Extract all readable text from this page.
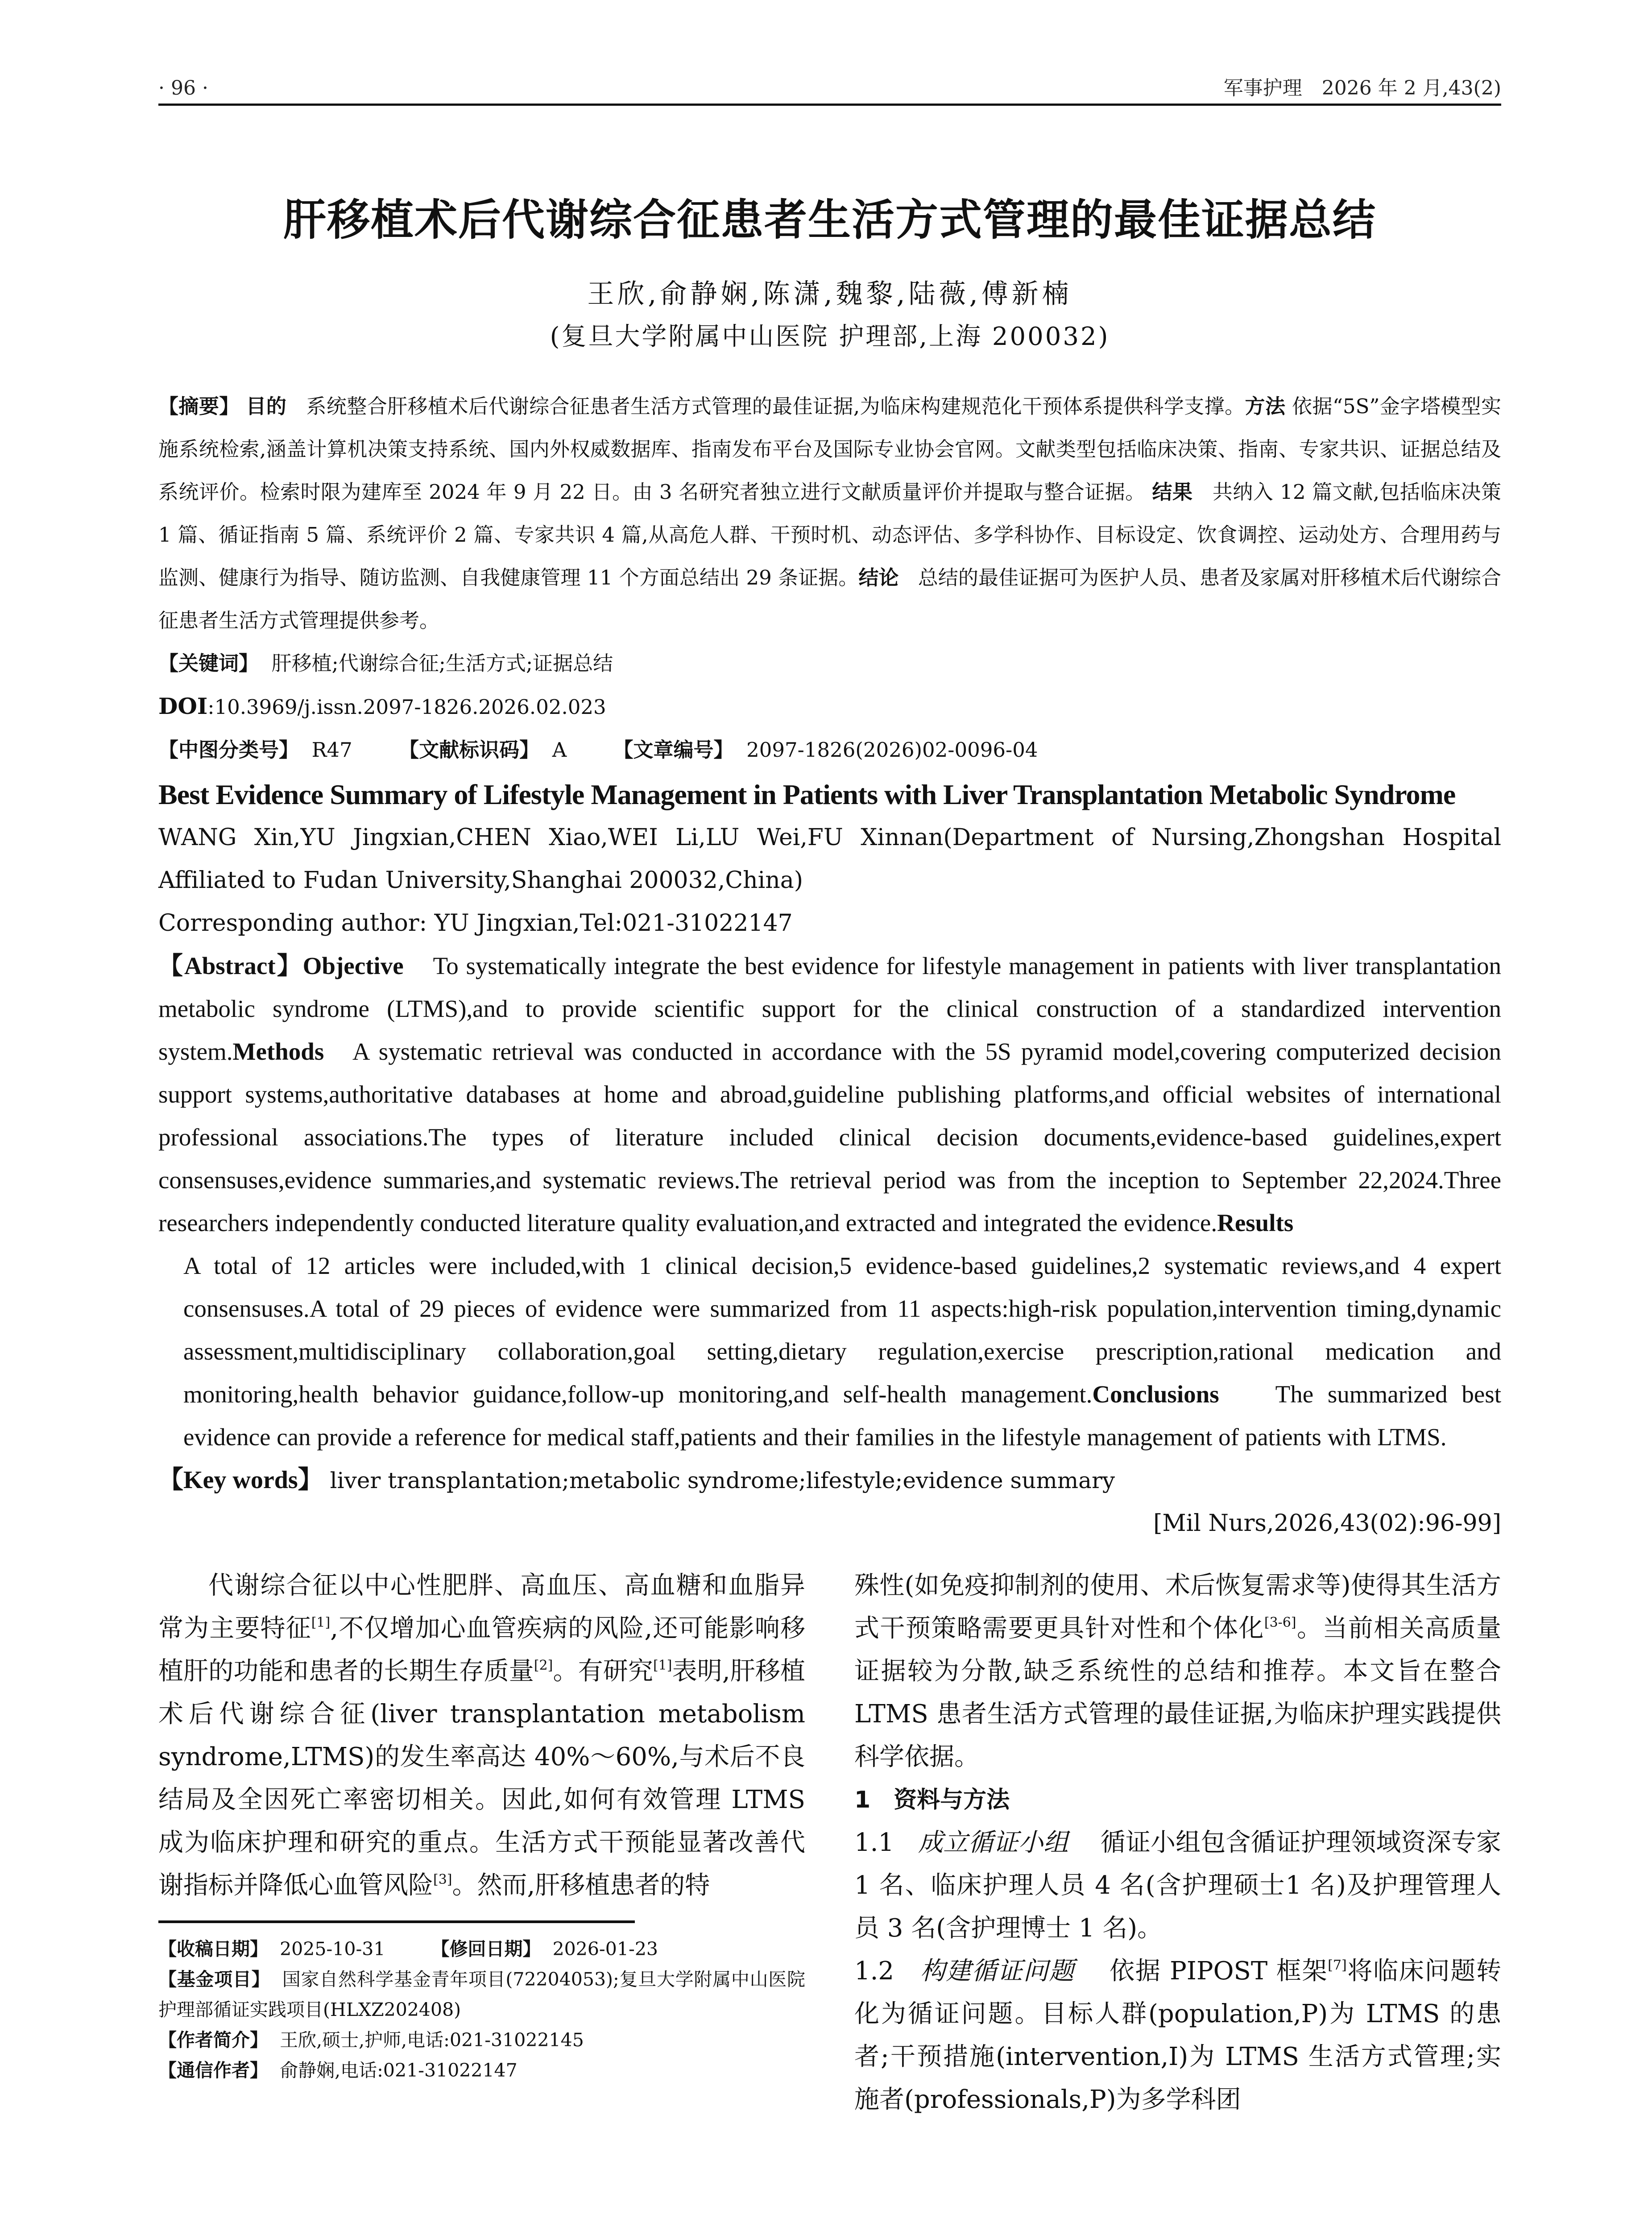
· 96 ·	军事护理　2026 年 2 月,43(2)
肝移植术后代谢综合征患者生活方式管理的最佳证据总结
王欣,俞静娴,陈潇,魏黎,陆薇,傅新楠
(复旦大学附属中山医院 护理部,上海 200032)

【摘要】 目的 系统整合肝移植术后代谢综合征患者生活方式管理的最佳证据,为临床构建规范化干预体系提供科学支撑。方法 依据“5S”金字塔模型实施系统检索,涵盖计算机决策支持系统、国内外权威数据库、指南发布平台及国际专业协会官网。文献类型包括临床决策、指南、专家共识、证据总结及系统评价。检索时限为建库至 2024 年 9 月 22 日。由 3 名研究者独立进行文献质量评价并提取与整合证据。 结果 共纳入 12 篇文献,包括临床决策 1 篇、循证指南 5 篇、系统评价 2 篇、专家共识 4 篇,从高危人群、干预时机、动态评估、多学科协作、目标设定、饮食调控、运动处方、合理用药与监测、健康行为指导、随访监测、自我健康管理 11 个方面总结出 29 条证据。结论 总结的最佳证据可为医护人员、患者及家属对肝移植术后代谢综合征患者生活方式管理提供参考。

【关键词】 肝移植;代谢综合征;生活方式;证据总结

DOI:10.3969/j.issn.2097-1826.2026.02.023

【中图分类号】 R47 【文献标识码】 A 【文章编号】 2097-1826(2026)02-0096-04

Best Evidence Summary of Lifestyle Management in Patients with Liver Transplantation Metabolic Syndrome
WANG Xin,YU Jingxian,CHEN Xiao,WEI Li,LU Wei,FU Xinnan(Department of Nursing,Zhongshan Hospital Affiliated to Fudan University,Shanghai 200032,China)
Corresponding author: YU Jingxian,Tel:021-31022147

【Abstract】Objective To systematically integrate the best evidence for lifestyle management in patients with liver transplantation metabolic syndrome (LTMS),and to provide scientific support for the clinical construction of a standardized intervention system.Methods A systematic retrieval was conducted in accordance with the 5S pyramid model,covering computerized decision support systems,authoritative databases at home and abroad,guideline publishing platforms,and official websites of international professional associations.The types of literature included clinical decision documents,evidence-based guidelines,expert consensuses,evidence summaries,and systematic reviews.The retrieval period was from the inception to September 22,2024.Three researchers independently conducted literature quality evaluation,and extracted and integrated the evidence.Results

A total of 12 articles were included,with 1 clinical decision,5 evidence-based guidelines,2 systematic reviews,and 4 expert consensuses.A total of 29 pieces of evidence were summarized from 11 aspects:high-risk population,intervention timing,dynamic assessment,multidisciplinary collaboration,goal setting,dietary regulation,exercise prescription,rational medication and monitoring,health behavior guidance,follow-up monitoring,and self-health management.Conclusions The summarized best evidence can provide a reference for medical staff,patients and their families in the lifestyle management of patients with LTMS.

【Key words】 liver transplantation;metabolic syndrome;lifestyle;evidence summary

[Mil Nurs,2026,43(02):96-99]

代谢综合征以中心性肥胖、高血压、高血糖和血脂异常为主要特征[1],不仅增加心血管疾病的风险,还可能影响移植肝的功能和患者的长期生存质量[2]。有研究[1]表明,肝移植术后代谢综合征(liver transplantation metabolism syndrome,LTMS)的发生率高达 40%～60%,与术后不良结局及全因死亡率密切相关。因此,如何有效管理 LTMS 成为临床护理和研究的重点。生活方式干预能显著改善代谢指标并降低心血管风险[3]。然而,肝移植患者的特

【收稿日期】 2025-10-31	【修回日期】 2026-01-23

【基金项目】 国家自然科学基金青年项目(72204053);复旦大学附属中山医院护理部循证实践项目(HLXZ202408)

【作者简介】 王欣,硕士,护师,电话:021-31022145

【通信作者】 俞静娴,电话:021-31022147

殊性(如免疫抑制剂的使用、术后恢复需求等)使得其生活方式干预策略需要更具针对性和个体化[3-6]。当前相关高质量证据较为分散,缺乏系统性的总结和推荐。本文旨在整合 LTMS 患者生活方式管理的最佳证据,为临床护理实践提供科学依据。

1　资料与方法

1.1 成立循证小组 循证小组包含循证护理领域资深专家 1 名、临床护理人员 4 名(含护理硕士1 名)及护理管理人员 3 名(含护理博士 1 名)。

1.2 构建循证问题 依据 PIPOST 框架[7]将临床问题转化为循证问题。目标人群(population,P)为 LTMS 的患者;干预措施(intervention,I)为 LTMS 生活方式管理;实施者(professionals,P)为多学科团
